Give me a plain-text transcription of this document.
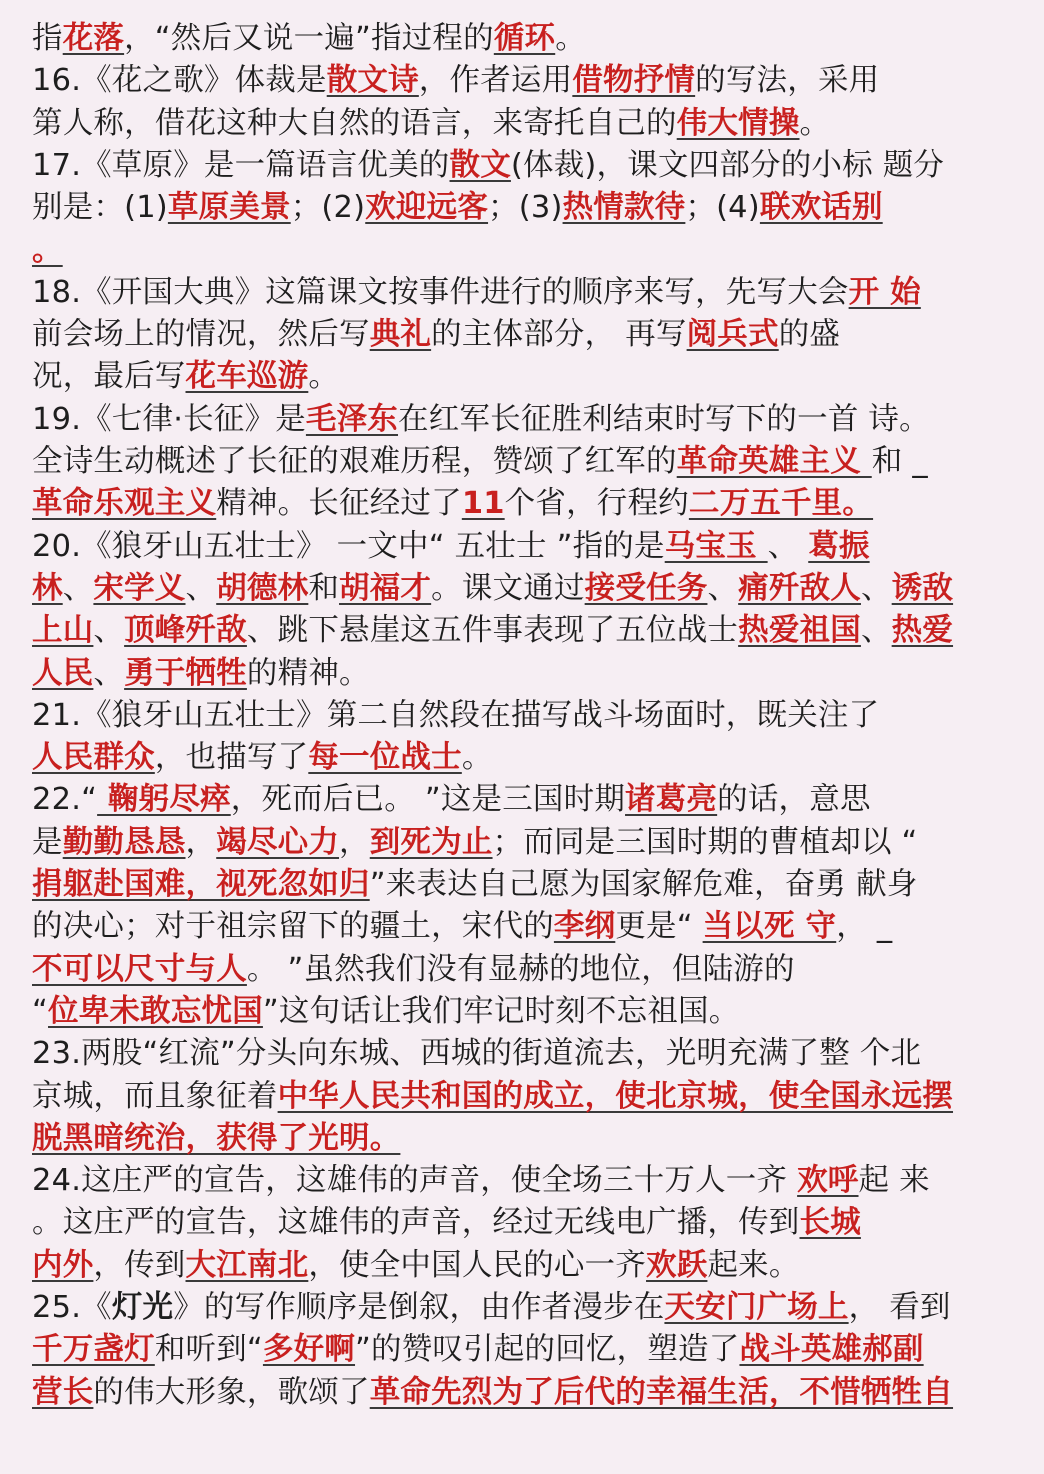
指花落，“然后又说一遍”指过程的循环。
16.《花之歌》体裁是散文诗，作者运用借物抒情的写法，采用
第人称，借花这种大自然的语言，来寄托自己的伟大情操。
17.《草原》是一篇语言优美的散文(体裁)，课文四部分的小标 题分
别是：(1)草原美景；(2)欢迎远客；(3)热情款待；(4)联欢话别
。
18.《开国大典》这篇课文按事件进行的顺序来写，先写大会开 始
前会场上的情况，然后写典礼的主体部分， 再写阅兵式的盛
况，最后写花车巡游。
19.《七律·长征》是毛泽东在红军长征胜利结束时写下的一首 诗。
全诗生动概述了长征的艰难历程，赞颂了红军的革命英雄主义 和 _
革命乐观主义精神。长征经过了11个省，行程约二万五千里。
20.《狼牙山五壮士》 一文中“ 五壮士 ”指的是马宝玉 、 葛振
林、宋学义、胡德林和胡福才。课文通过接受任务、痛歼敌人、诱敌
上山、顶峰歼敌、跳下悬崖这五件事表现了五位战士热爱祖国、热爱
人民、勇于牺牲的精神。
21.《狼牙山五壮士》第二自然段在描写战斗场面时，既关注了
人民群众，也描写了每一位战士。
22.“ 鞠躬尽瘁，死而后已。 ”这是三国时期诸葛亮的话，意思
是勤勤恳恳，竭尽心力，到死为止；而同是三国时期的曹植却以 “
捐躯赴国难，视死忽如归”来表达自己愿为国家解危难，奋勇 献身
的决心；对于祖宗留下的疆土，宋代的李纲更是“ 当以死 守， _
不可以尺寸与人。 ”虽然我们没有显赫的地位，但陆游的
“位卑未敢忘忧国”这句话让我们牢记时刻不忘祖国。
23.两股“红流”分头向东城、西城的街道流去，光明充满了整 个北
京城，而且象征着中华人民共和国的成立，使北京城，使全国永远摆
脱黑暗统治，获得了光明。
24.这庄严的宣告，这雄伟的声音，使全场三十万人一齐 欢呼起 来
。这庄严的宣告，这雄伟的声音，经过无线电广播，传到长城
内外，传到大江南北，使全中国人民的心一齐欢跃起来。
25.《灯光》的写作顺序是倒叙，由作者漫步在天安门广场上， 看到
千万盏灯和听到“多好啊”的赞叹引起的回忆，塑造了战斗英雄郝副
营长的伟大形象，歌颂了革命先烈为了后代的幸福生活，不惜牺牲自
